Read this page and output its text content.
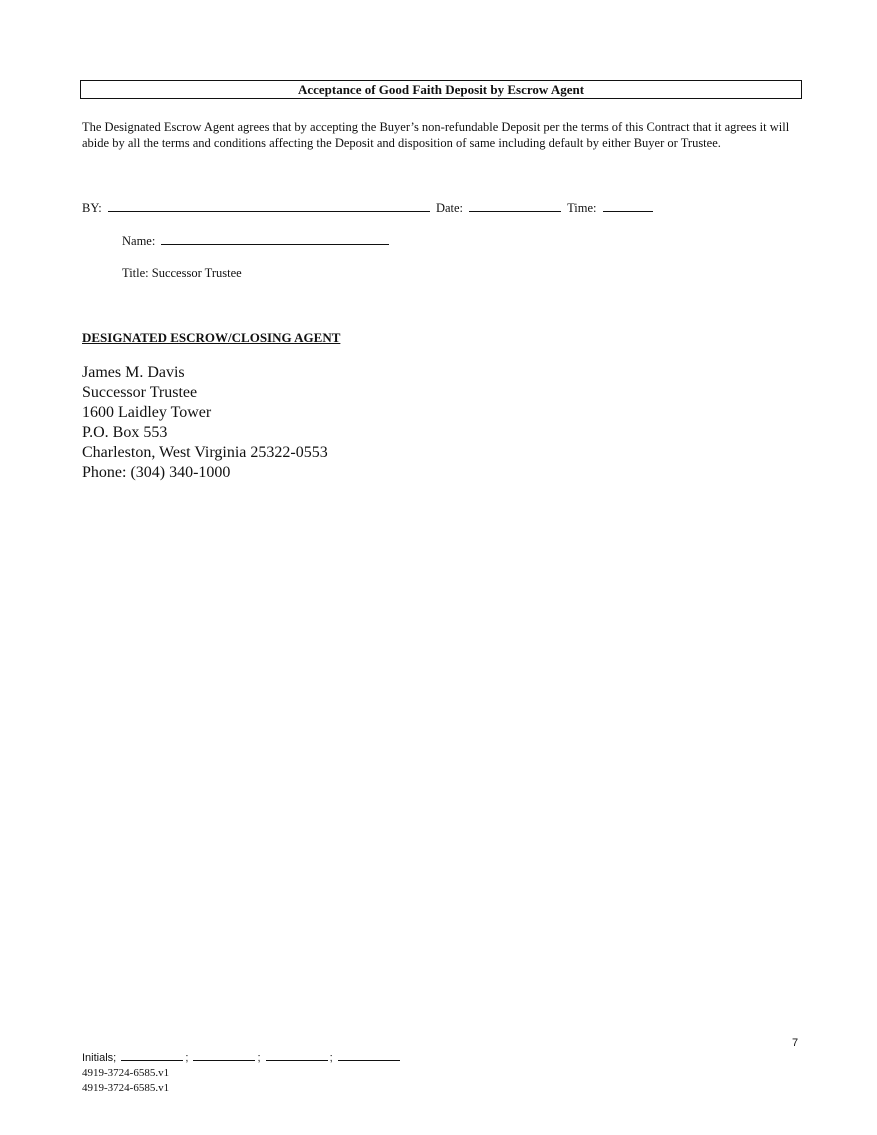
Acceptance of Good Faith Deposit by Escrow Agent
The Designated Escrow Agent agrees that by accepting the Buyer’s non-refundable Deposit per the terms of this Contract that it agrees it will abide by all the terms and conditions affecting the Deposit and disposition of same including default by either Buyer or Trustee.
BY:	Date:	Time:
Name:
Title: Successor Trustee
DESIGNATED ESCROW/CLOSING AGENT
James M. Davis
Successor Trustee
1600 Laidley Tower
P.O. Box 553
Charleston, West Virginia 25322-0553
Phone: (304) 340-1000
7
Initials;	;	;	;
4919-3724-6585.v1
4919-3724-6585.v1
